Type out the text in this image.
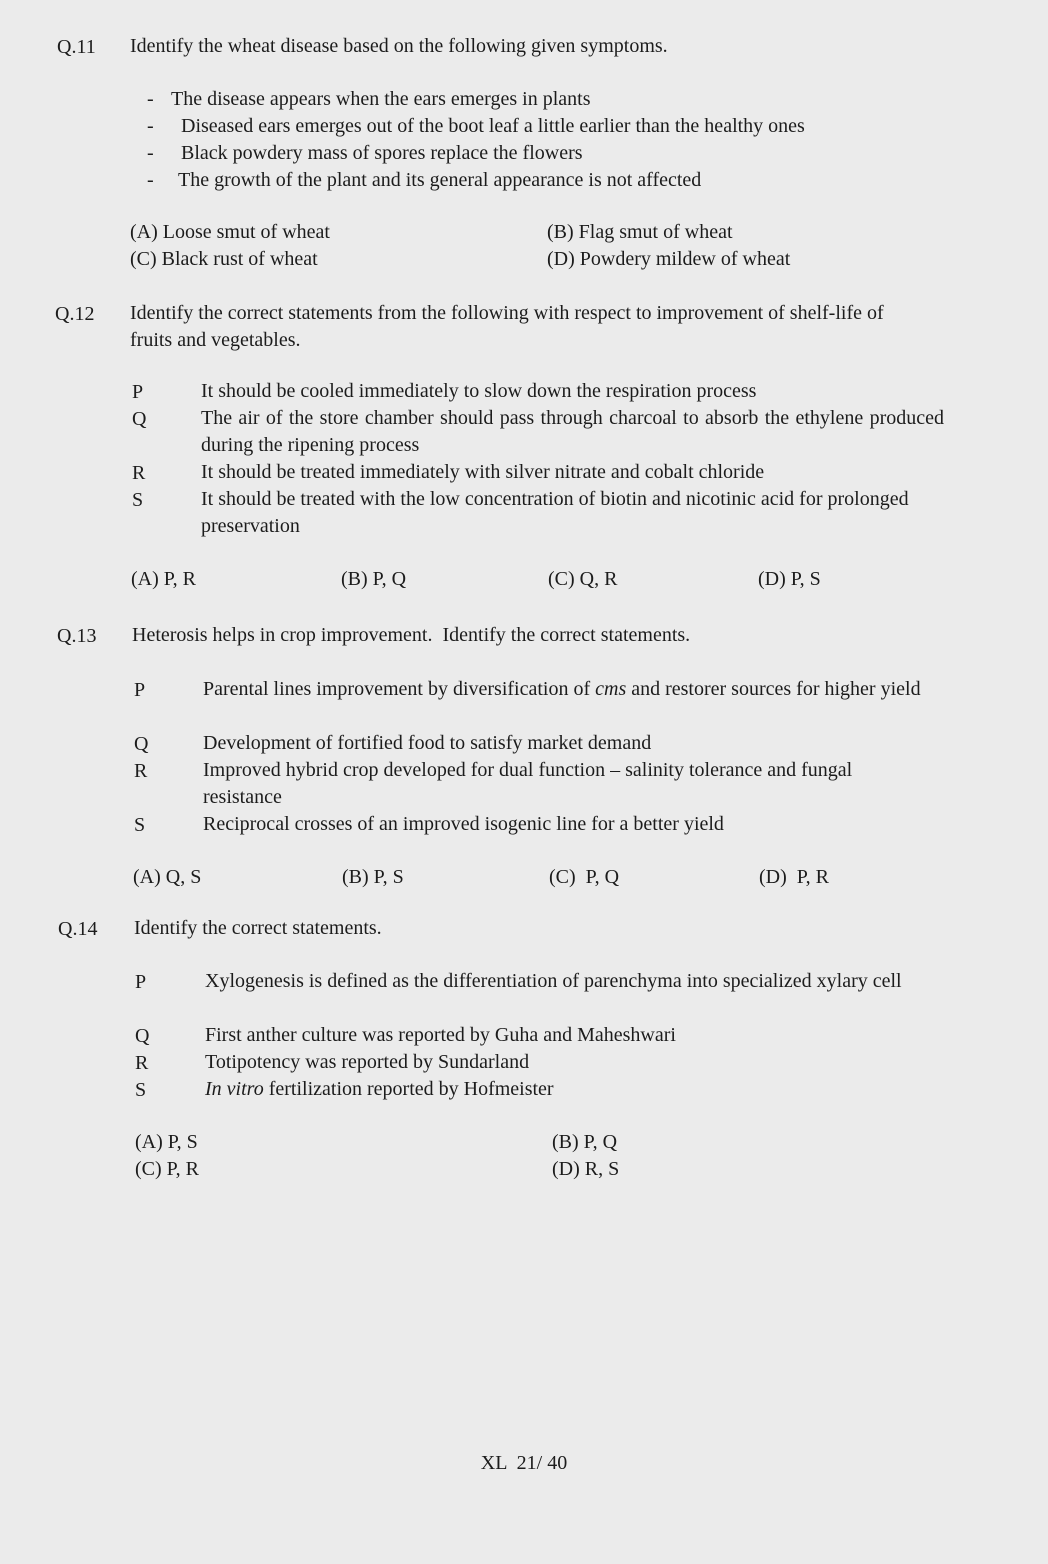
Q.11 Identify the wheat disease based on the following given symptoms.
- The disease appears when the ears emerges in plants
- Diseased ears emerges out of the boot leaf a little earlier than the healthy ones
- Black powdery mass of spores replace the flowers
- The growth of the plant and its general appearance is not affected
(A) Loose smut of wheat	(B) Flag smut of wheat
(C) Black rust of wheat	(D) Powdery mildew of wheat
Q.12 Identify the correct statements from the following with respect to improvement of shelf-life of fruits and vegetables.
P	It should be cooled immediately to slow down the respiration process
Q	The air of the store chamber should pass through charcoal to absorb the ethylene produced during the ripening process
R	It should be treated immediately with silver nitrate and cobalt chloride
S	It should be treated with the low concentration of biotin and nicotinic acid for prolonged preservation
(A) P, R	(B) P, Q	(C) Q, R	(D) P, S
Q.13 Heterosis helps in crop improvement.  Identify the correct statements.
P	Parental lines improvement by diversification of cms and restorer sources for higher yield
Q	Development of fortified food to satisfy market demand
R	Improved hybrid crop developed for dual function – salinity tolerance and fungal resistance
S	Reciprocal crosses of an improved isogenic line for a better yield
(A) Q, S	(B) P, S	(C)  P, Q	(D)  P, R
Q.14 Identify the correct statements.
P	Xylogenesis is defined as the differentiation of parenchyma into specialized xylary cell
Q	First anther culture was reported by Guha and Maheshwari
R	Totipotency was reported by Sundarland
S	In vitro fertilization reported by Hofmeister
(A) P, S	(B) P, Q
(C) P, R	(D) R, S
XL  21/ 40
